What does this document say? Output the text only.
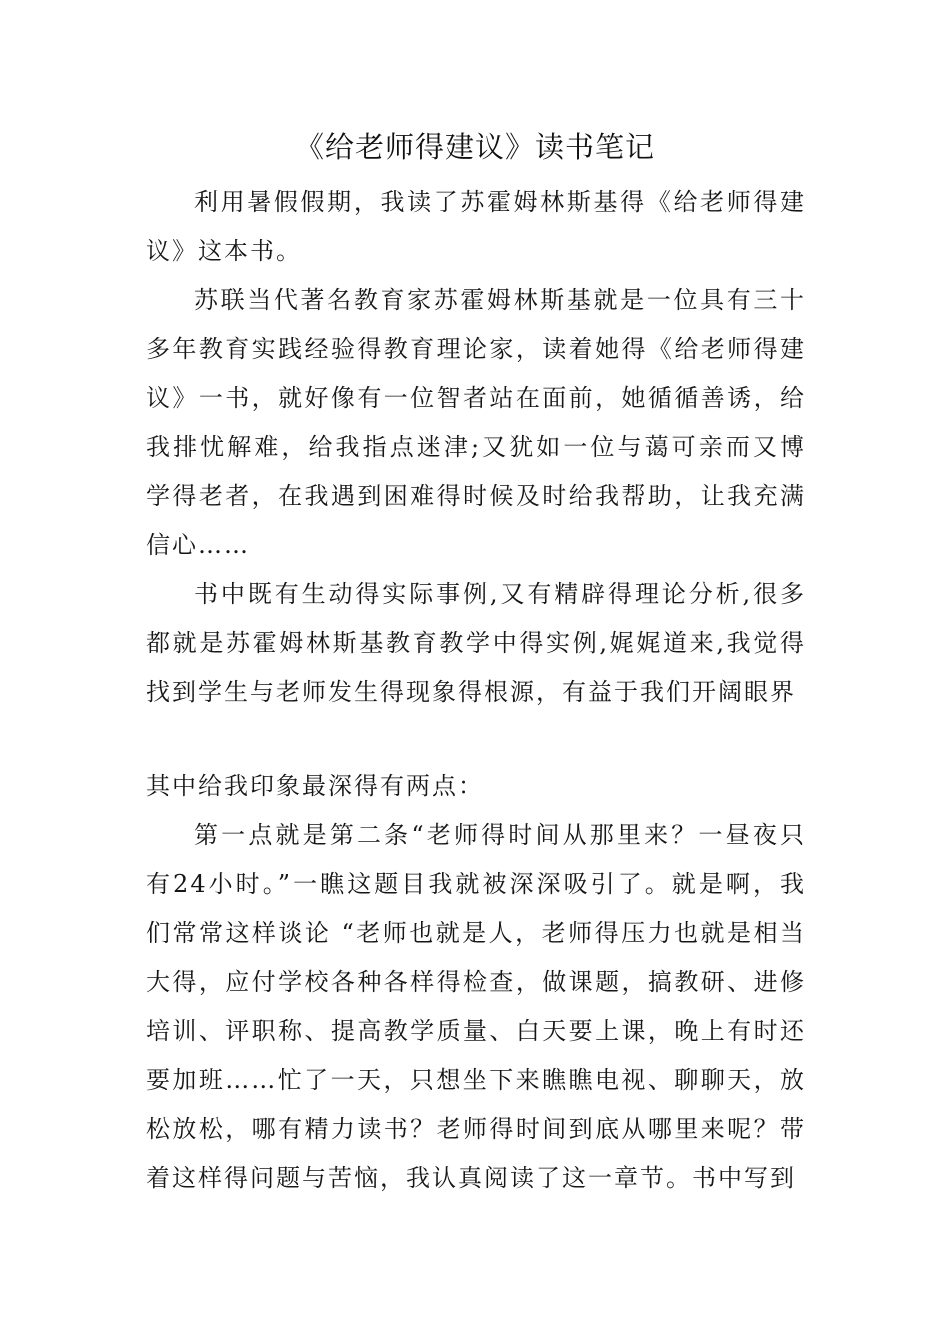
《给老师得建议》读书笔记

利用暑假假期，我读了苏霍姆林斯基得《给老师得建议》这本书。

苏联当代著名教育家苏霍姆林斯基就是一位具有三十多年教育实践经验得教育理论家，读着她得《给老师得建议》一书，就好像有一位智者站在面前，她循循善诱，给我排忧解难，给我指点迷津;又犹如一位与蔼可亲而又博学得老者，在我遇到困难得时候及时给我帮助，让我充满信心……

书中既有生动得实际事例,又有精辟得理论分析,很多都就是苏霍姆林斯基教育教学中得实例,娓娓道来,我觉得找到学生与老师发生得现象得根源，有益于我们开阔眼界

其中给我印象最深得有两点：

第一点就是第二条“老师得时间从那里来？一昼夜只有24小时。”一瞧这题目我就被深深吸引了。就是啊，我们常常这样谈论 “老师也就是人，老师得压力也就是相当大得，应付学校各种各样得检查，做课题，搞教研、进修培训、评职称、提高教学质量、白天要上课，晚上有时还要加班……忙了一天，只想坐下来瞧瞧电视、聊聊天，放松放松，哪有精力读书？老师得时间到底从哪里来呢？带着这样得问题与苦恼，我认真阅读了这一章节。书中写到
